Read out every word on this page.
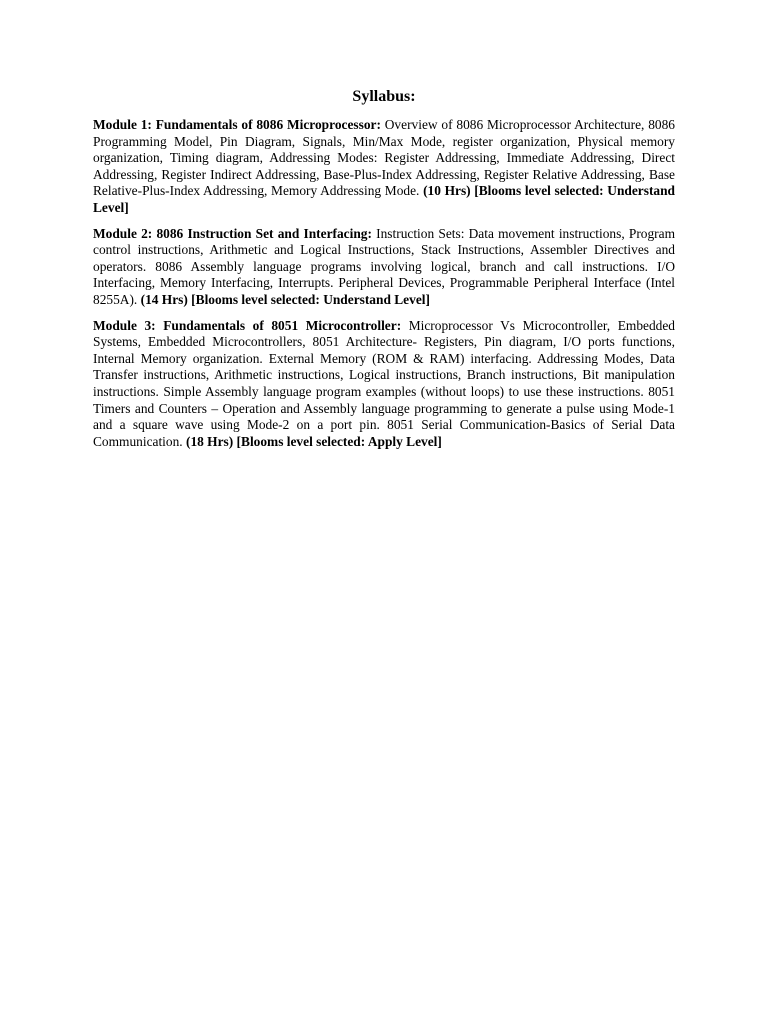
Syllabus:

Module 1: Fundamentals of 8086 Microprocessor: Overview of 8086 Microprocessor Architecture, 8086 Programming Model, Pin Diagram, Signals, Min/Max Mode, register organization, Physical memory organization, Timing diagram, Addressing Modes: Register Addressing, Immediate Addressing, Direct Addressing, Register Indirect Addressing, Base-Plus-Index Addressing, Register Relative Addressing, Base Relative-Plus-Index Addressing, Memory Addressing Mode. (10 Hrs) [Blooms level selected: Understand Level]

Module 2: 8086 Instruction Set and Interfacing: Instruction Sets: Data movement instructions, Program control instructions, Arithmetic and Logical Instructions, Stack Instructions, Assembler Directives and operators. 8086 Assembly language programs involving logical, branch and call instructions. I/O Interfacing, Memory Interfacing, Interrupts. Peripheral Devices, Programmable Peripheral Interface (Intel 8255A). (14 Hrs) [Blooms level selected: Understand Level]

Module 3: Fundamentals of 8051 Microcontroller: Microprocessor Vs Microcontroller, Embedded Systems, Embedded Microcontrollers, 8051 Architecture- Registers, Pin diagram, I/O ports functions, Internal Memory organization. External Memory (ROM & RAM) interfacing. Addressing Modes, Data Transfer instructions, Arithmetic instructions, Logical instructions, Branch instructions, Bit manipulation instructions. Simple Assembly language program examples (without loops) to use these instructions. 8051 Timers and Counters – Operation and Assembly language programming to generate a pulse using Mode-1 and a square wave using Mode-2 on a port pin. 8051 Serial Communication-Basics of Serial Data Communication. (18 Hrs) [Blooms level selected: Apply Level]
